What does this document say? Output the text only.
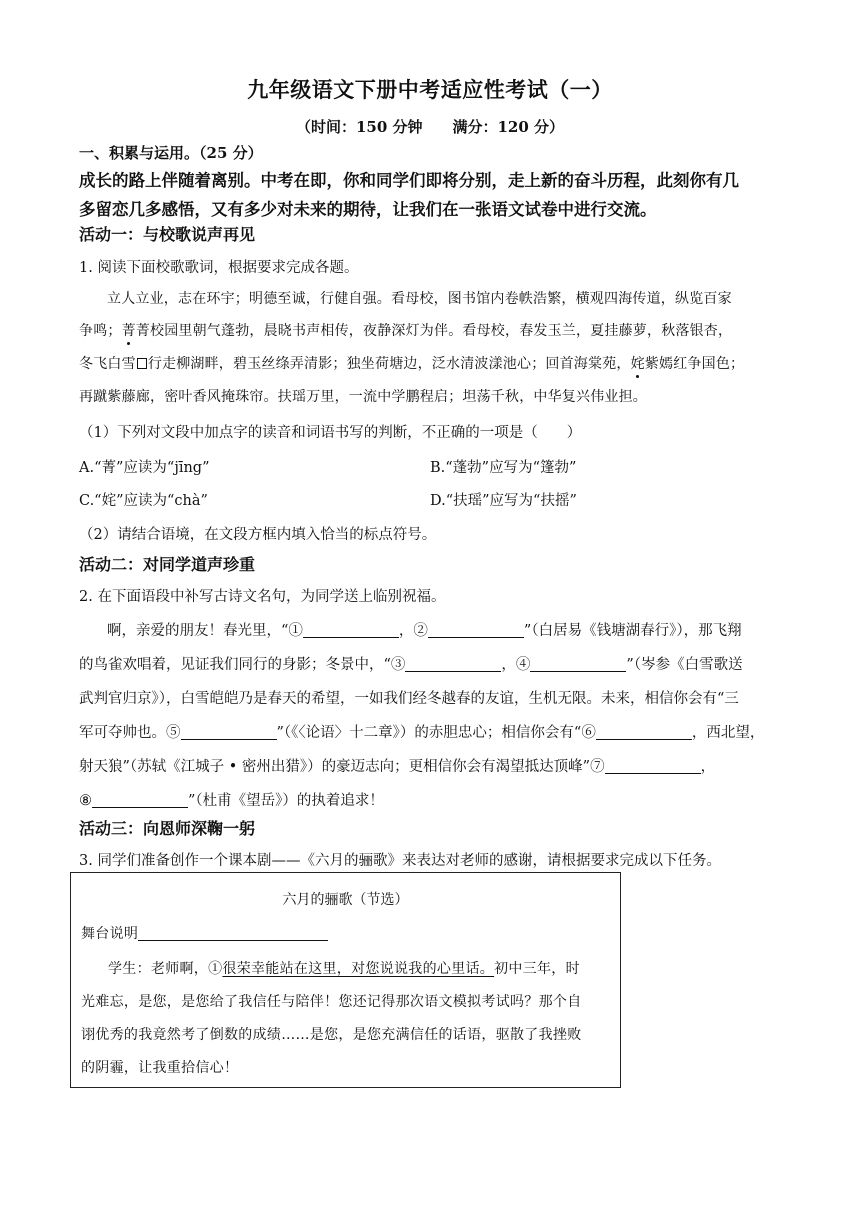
九年级语文下册中考适应性考试（一）
（时间：150 分钟 满分：120 分）
一、积累与运用。（25 分）
成长的路上伴随着离别。中考在即，你和同学们即将分别，走上新的奋斗历程，此刻你有几
多留恋几多感悟，又有多少对未来的期待，让我们在一张语文试卷中进行交流。
活动一：与校歌说声再见
1. 阅读下面校歌歌词，根据要求完成各题。
立人立业，志在环宇；明德至诚，行健自强。看母校，图书馆内卷帙浩繁，横观四海传道，纵览百家
争鸣；菁菁校园里朝气蓬勃，晨晓书声相传，夜静深灯为伴。看母校，春发玉兰，夏挂藤萝，秋落银杏，
冬飞白雪 行走柳湖畔，碧玉丝绦弄清影；独坐荷塘边，泛水清波漾池心；回首海棠苑，姹紫嫣红争国色；
再蹴紫藤廊，密叶香风掩珠帘。扶瑶万里，一流中学鹏程启；坦荡千秋，中华复兴伟业担。
（1）下列对文段中加点字的读音和词语书写的判断，不正确的一项是（　　）
A.“菁”应读为“jīng”	B.“蓬勃”应写为“篷勃”
C.“姹”应读为“chà”	D.“扶瑶”应写为“扶摇”
（2）请结合语境，在文段方框内填入恰当的标点符号。
活动二：对同学道声珍重
2. 在下面语段中补写古诗文名句，为同学送上临别祝福。
啊，亲爱的朋友！春光里，“①	，②	”（白居易《钱塘湖春行》），那飞翔
的鸟雀欢唱着，见证我们同行的身影；冬景中，“③	，④	”（岑参《白雪歌送
武判官归京》），白雪皑皑乃是春天的希望，一如我们经冬越春的友谊，生机无限。未来，相信你会有“三
军可夺帅也。⑤	”（《〈论语〉十二章》）的赤胆忠心；相信你会有“⑥	，西北望，
射天狼”（苏轼《江城子 • 密州出猎》）的豪迈志向；更相信你会有渴望抵达顶峰”⑦	，
⑧	”（杜甫《望岳》）的执着追求！
活动三：向恩师深鞠一躬
3. 同学们准备创作一个课本剧——《六月的骊歌》来表达对老师的感谢，请根据要求完成以下任务。
六月的骊歌（节选）
舞台说明
学生：老师啊，①很荣幸能站在这里，对您说说我的心里话。初中三年，时
光难忘，是您，是您给了我信任与陪伴！您还记得那次语文模拟考试吗？那个自
诩优秀的我竟然考了倒数的成绩……是您，是您充满信任的话语，驱散了我挫败
的阴霾，让我重拾信心！
